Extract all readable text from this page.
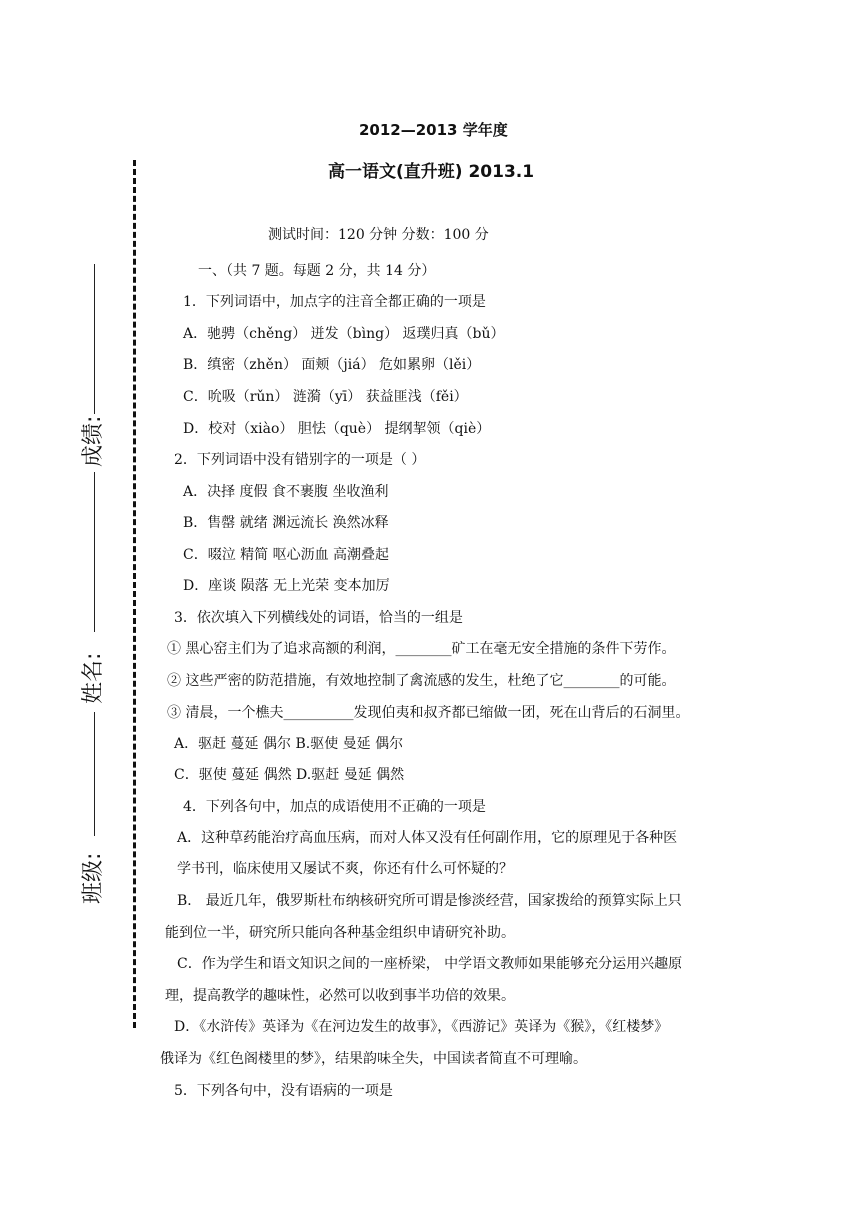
2012—2013 学年度
高一语文(直升班) 2013.1
测试时间：120 分钟 分数：100 分
成绩:
姓名:
班级:
一、（共 7 题。每题 2 分，共 14 分）
1．下列词语中，加点字的注音全都正确的一项是
A．驰骋（chěng） 迸发（bìng） 返璞归真（bǔ）
B．缜密（zhěn） 面颊（jiá） 危如累卵（lěi）
C．吮吸（rǔn） 涟漪（yī） 获益匪浅（fěi）
D．校对（xiào） 胆怯（què） 提纲挈领（qiè）
2．下列词语中没有错别字的一项是（ ）
A．决择 度假 食不裹腹 坐收渔利
B．售罄 就绪 渊远流长 涣然冰释
C．啜泣 精简 呕心沥血 高潮叠起
D．座谈 陨落 无上光荣 变本加厉
3．依次填入下列横线处的词语，恰当的一组是
① 黑心窑主们为了追求高额的利润，________矿工在毫无安全措施的条件下劳作。
② 这些严密的防范措施，有效地控制了禽流感的发生，杜绝了它________的可能。
③ 清晨，一个樵夫__________发现伯夷和叔齐都已缩做一团，死在山背后的石洞里。
A．驱赶 蔓延 偶尔 B.驱使 曼延 偶尔
C．驱使 蔓延 偶然 D.驱赶 曼延 偶然
4．下列各句中，加点的成语使用不正确的一项是
A．这种草药能治疗高血压病，而对人体又没有任何副作用，它的原理见于各种医
学书刊，临床使用又屡试不爽，你还有什么可怀疑的？
B． 最近几年，俄罗斯杜布纳核研究所可谓是惨淡经营，国家拨给的预算实际上只
能到位一半，研究所只能向各种基金组织申请研究补助。
C．作为学生和语文知识之间的一座桥梁， 中学语文教师如果能够充分运用兴趣原
理，提高教学的趣味性，必然可以收到事半功倍的效果。
D．《水浒传》英译为《在河边发生的故事》，《西游记》英译为《猴》，《红楼梦》
俄译为《红色阁楼里的梦》，结果韵味全失，中国读者简直不可理喻。
5．下列各句中，没有语病的一项是
